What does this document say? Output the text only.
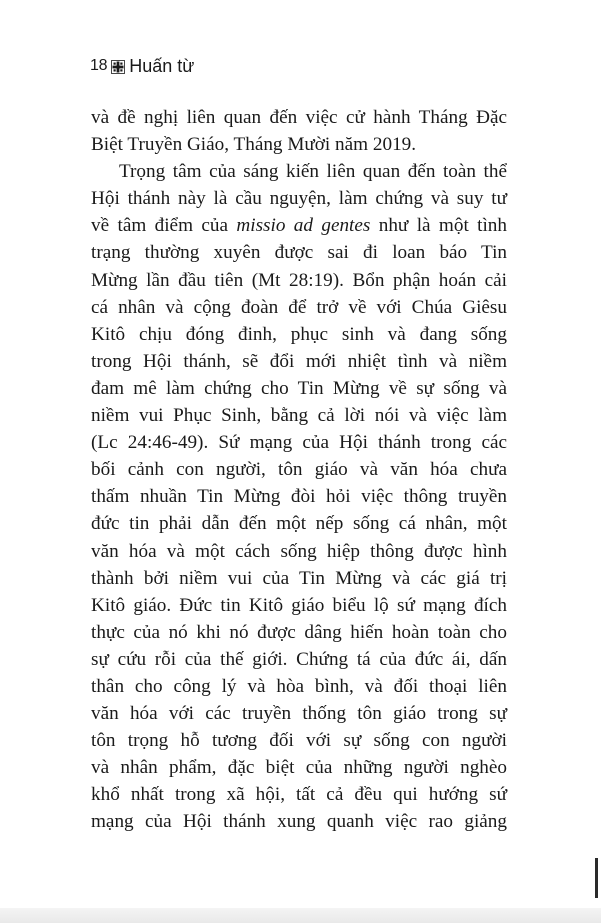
18 Huấn từ
và đề nghị liên quan đến việc cử hành Tháng Đặc
Biệt Truyền Giáo, Tháng Mười năm 2019.
Trọng tâm của sáng kiến liên quan đến toàn thể
Hội thánh này là cầu nguyện, làm chứng và suy tư
về tâm điểm của missio ad gentes như là một tình
trạng thường xuyên được sai đi loan báo Tin
Mừng lần đầu tiên (Mt 28:19). Bổn phận hoán cải
cá nhân và cộng đoàn để trở về với Chúa Giêsu
Kitô chịu đóng đinh, phục sinh và đang sống
trong Hội thánh, sẽ đổi mới nhiệt tình và niềm
đam mê làm chứng cho Tin Mừng về sự sống và
niềm vui Phục Sinh, bằng cả lời nói và việc làm
(Lc 24:46-49). Sứ mạng của Hội thánh trong các
bối cảnh con người, tôn giáo và văn hóa chưa
thấm nhuần Tin Mừng đòi hỏi việc thông truyền
đức tin phải dẫn đến một nếp sống cá nhân, một
văn hóa và một cách sống hiệp thông được hình
thành bởi niềm vui của Tin Mừng và các giá trị
Kitô giáo. Đức tin Kitô giáo biểu lộ sứ mạng đích
thực của nó khi nó được dâng hiến hoàn toàn cho
sự cứu rỗi của thế giới. Chứng tá của đức ái, dấn
thân cho công lý và hòa bình, và đối thoại liên
văn hóa với các truyền thống tôn giáo trong sự
tôn trọng hỗ tương đối với sự sống con người
và nhân phẩm, đặc biệt của những người nghèo
khổ nhất trong xã hội, tất cả đều qui hướng sứ
mạng của Hội thánh xung quanh việc rao giảng
